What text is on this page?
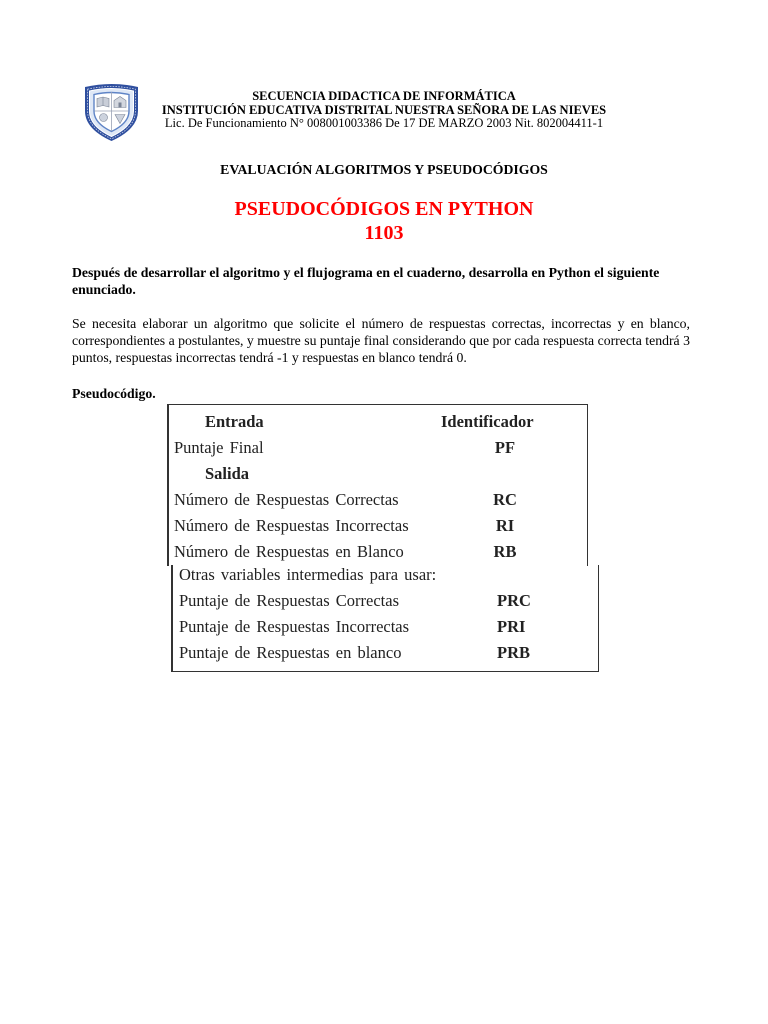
SECUENCIA DIDACTICA DE INFORMÁTICA
INSTITUCIÓN EDUCATIVA DISTRITAL NUESTRA SEÑORA DE LAS NIEVES
Lic. De Funcionamiento N° 008001003386 De 17 DE MARZO 2003 Nit. 802004411-1
EVALUACIÓN ALGORITMOS Y PSEUDOCÓDIGOS
PSEUDOCÓDIGOS EN PYTHON
1103
Después de desarrollar el algoritmo y el flujograma en el cuaderno, desarrolla en Python el siguiente
enunciado.
Se necesita elaborar un algoritmo que solicite el número de respuestas correctas, incorrectas y en blanco,
correspondientes a postulantes, y muestre su puntaje final considerando que por cada respuesta correcta tendrá 3
puntos, respuestas incorrectas tendrá -1 y respuestas en blanco tendrá 0.
Pseudocódigo.
Entrada	Identificador
Puntaje Final	PF
Salida
Número de Respuestas Correctas	RC
Número de Respuestas Incorrectas	RI
Número de Respuestas en Blanco	RB
Otras variables intermedias para usar:
Puntaje de Respuestas Correctas	PRC
Puntaje de Respuestas Incorrectas	PRI
Puntaje de Respuestas en blanco	PRB
